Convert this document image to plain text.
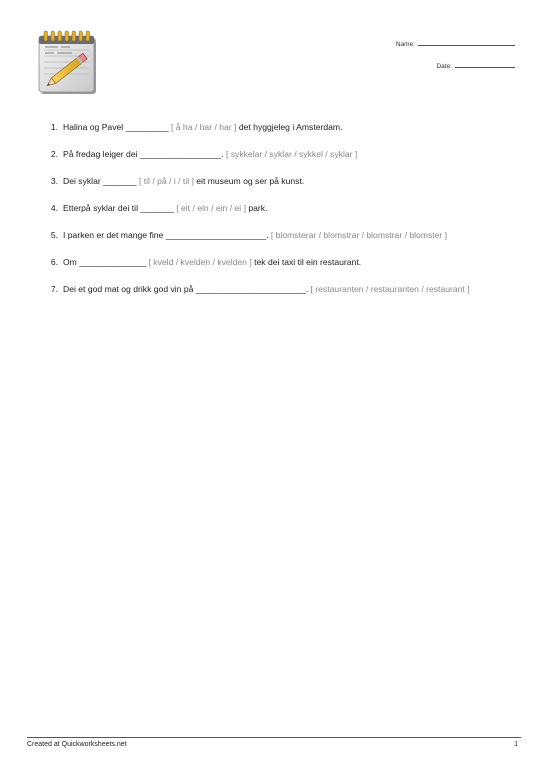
Name:
Date:
1. Halina og Pavel _________ [ å ha / har / har ] det hyggjeleg i Amsterdam.
2. På fredag leiger dei _________________. [ sykkelar / syklar / sykkel / syklar ]
3. Dei syklar _______ [ til / på / i / til ] eit museum og ser på kunst.
4. Etterpå syklar dei til _______ [ eit / ein / ein / ei ] park.
5. I parken er det mange fine _____________________. [ blomsterar / blomstrar / blomstrar / blomster ]
6. Om ______________ [ kveld / kvelden / kvelden ] tek dei taxi til ein restaurant.
7. Dei et god mat og drikk god vin på _______________________. [ restauranten / restauranten / restaurant ]
Created at Quickworksheets.net	1
